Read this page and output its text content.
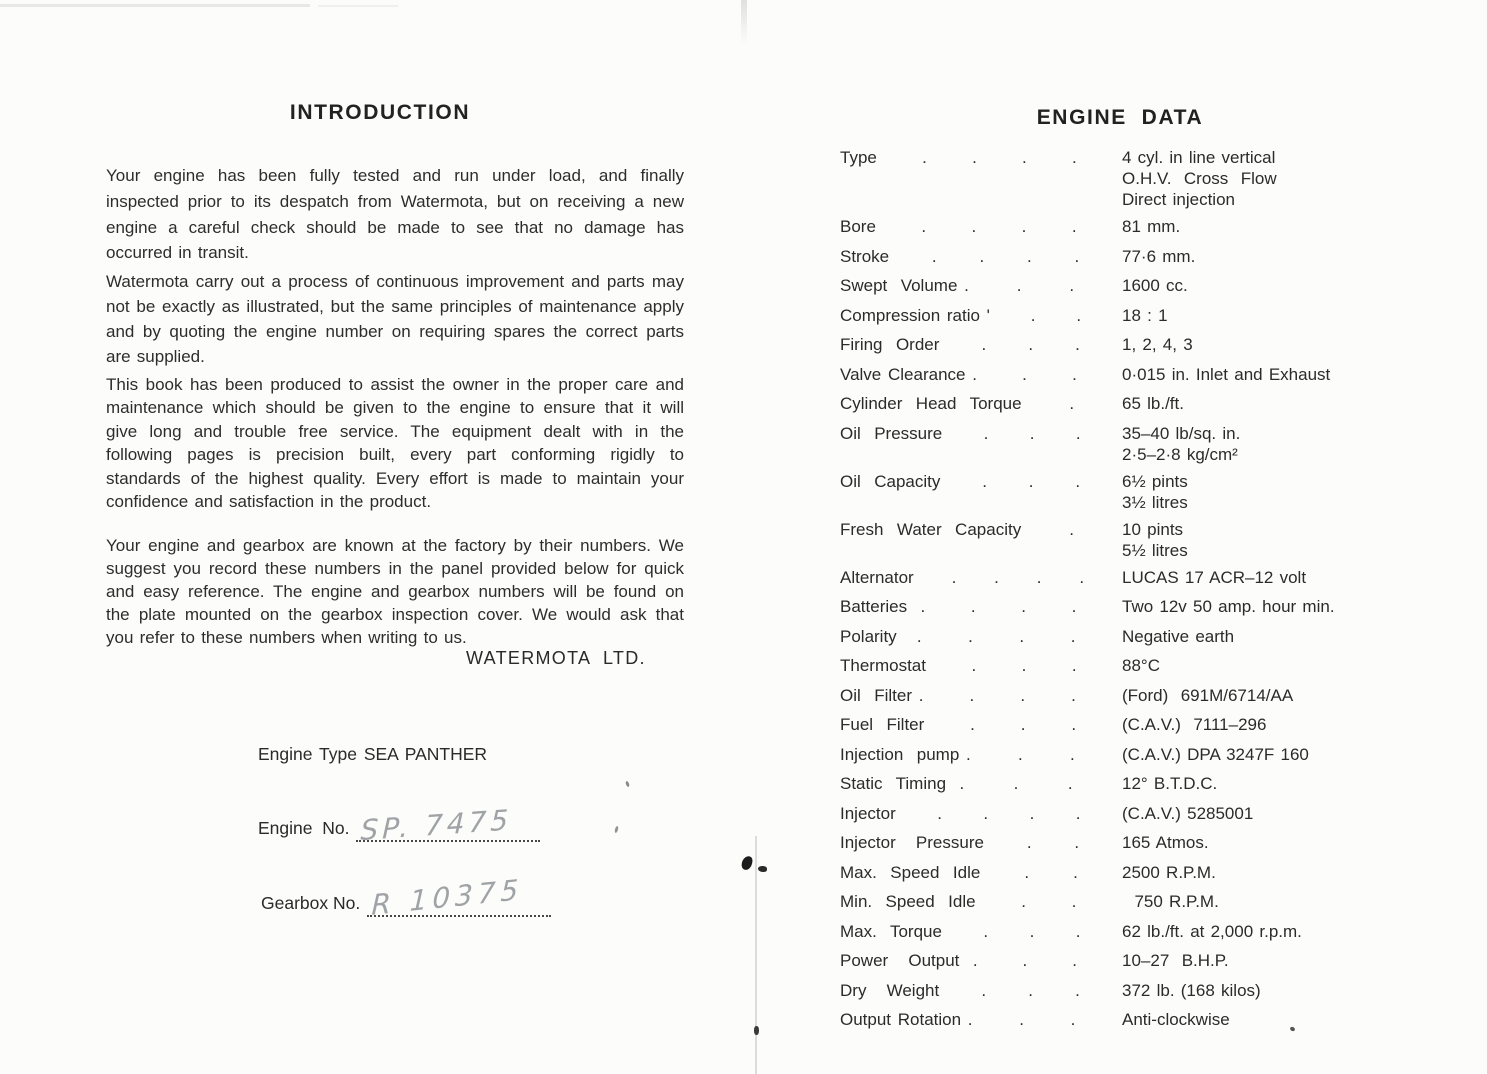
INTRODUCTION

Your engine has been fully tested and run under load, and finally inspected prior to its despatch from Watermota, but on receiving a new engine a careful check should be made to see that no damage has occurred in transit.

Watermota carry out a process of continuous improvement and parts may not be exactly as illustrated, but the same principles of maintenance apply and by quoting the engine number on requiring spares the correct parts are supplied.

This book has been produced to assist the owner in the proper care and maintenance which should be given to the engine to ensure that it will give long and trouble free service. The equipment dealt with in the following pages is precision built, every part conforming rigidly to standards of the highest quality. Every effort is made to maintain your confidence and satisfaction in the product.

Your engine and gearbox are known at the factory by their numbers. We suggest you record these numbers in the panel provided below for quick and easy reference. The engine and gearbox numbers will be found on the plate mounted on the gearbox inspection cover. We would ask that you refer to these numbers when writing to us.

WATERMOTA  LTD.
Engine Type SEA PANTHER
Engine  No. SP. 7475
Gearbox No. R 10375
ENGINE  DATA
Type	.	.	.	.	4 cyl. in line vertical
O.H.V.  Cross  Flow
Direct injection
Bore	.	.	.	.	81 mm.
Stroke	.	.	.	.	77·6 mm.
Swept  Volume .	.	.	1600 cc.
Compression ratio ' . . 18 : 1
Firing  Order . . . 1, 2, 4, 3
Valve Clearance .	.	.	0·015 in. Inlet and Exhaust
Cylinder  Head  Torque	.	65 lb./ft.
Oil  Pressure . . . 35–40 lb/sq. in.
2·5–2·8 kg/cm²
Oil  Capacity . . . 6½ pints
3½ litres
Fresh  Water  Capacity	.	10 pints
5½ litres
Alternator . . . . LUCAS 17 ACR–12 volt
Batteries  .	.	.	.	Two 12v 50 amp. hour min.
Polarity   .	.	.	.	Negative earth
Thermostat	.	.	.	88°C
Oil  Filter .	.	.	.	(Ford)  691M/6714/AA
Fuel  Filter	.	.	.	(C.A.V.)  7111–296
Injection  pump .	.	.	(C.A.V.) DPA 3247F 160
Static  Timing  .	.	.	12° B.T.D.C.
Injector . . . . (C.A.V.) 5285001
Injector   Pressure	.	.	165 Atmos.
Max.  Speed  Idle	.	.	2500 R.P.M.
Min.  Speed  Idle	.	.	750 R.P.M.
Max.  Torque . . . 62 lb./ft. at 2,000 r.p.m.
Power   Output  .	.	.	10–27  B.H.P.
Dry   Weight . . . 372 lb. (168 kilos)
Output Rotation .	.	.	Anti-clockwise
